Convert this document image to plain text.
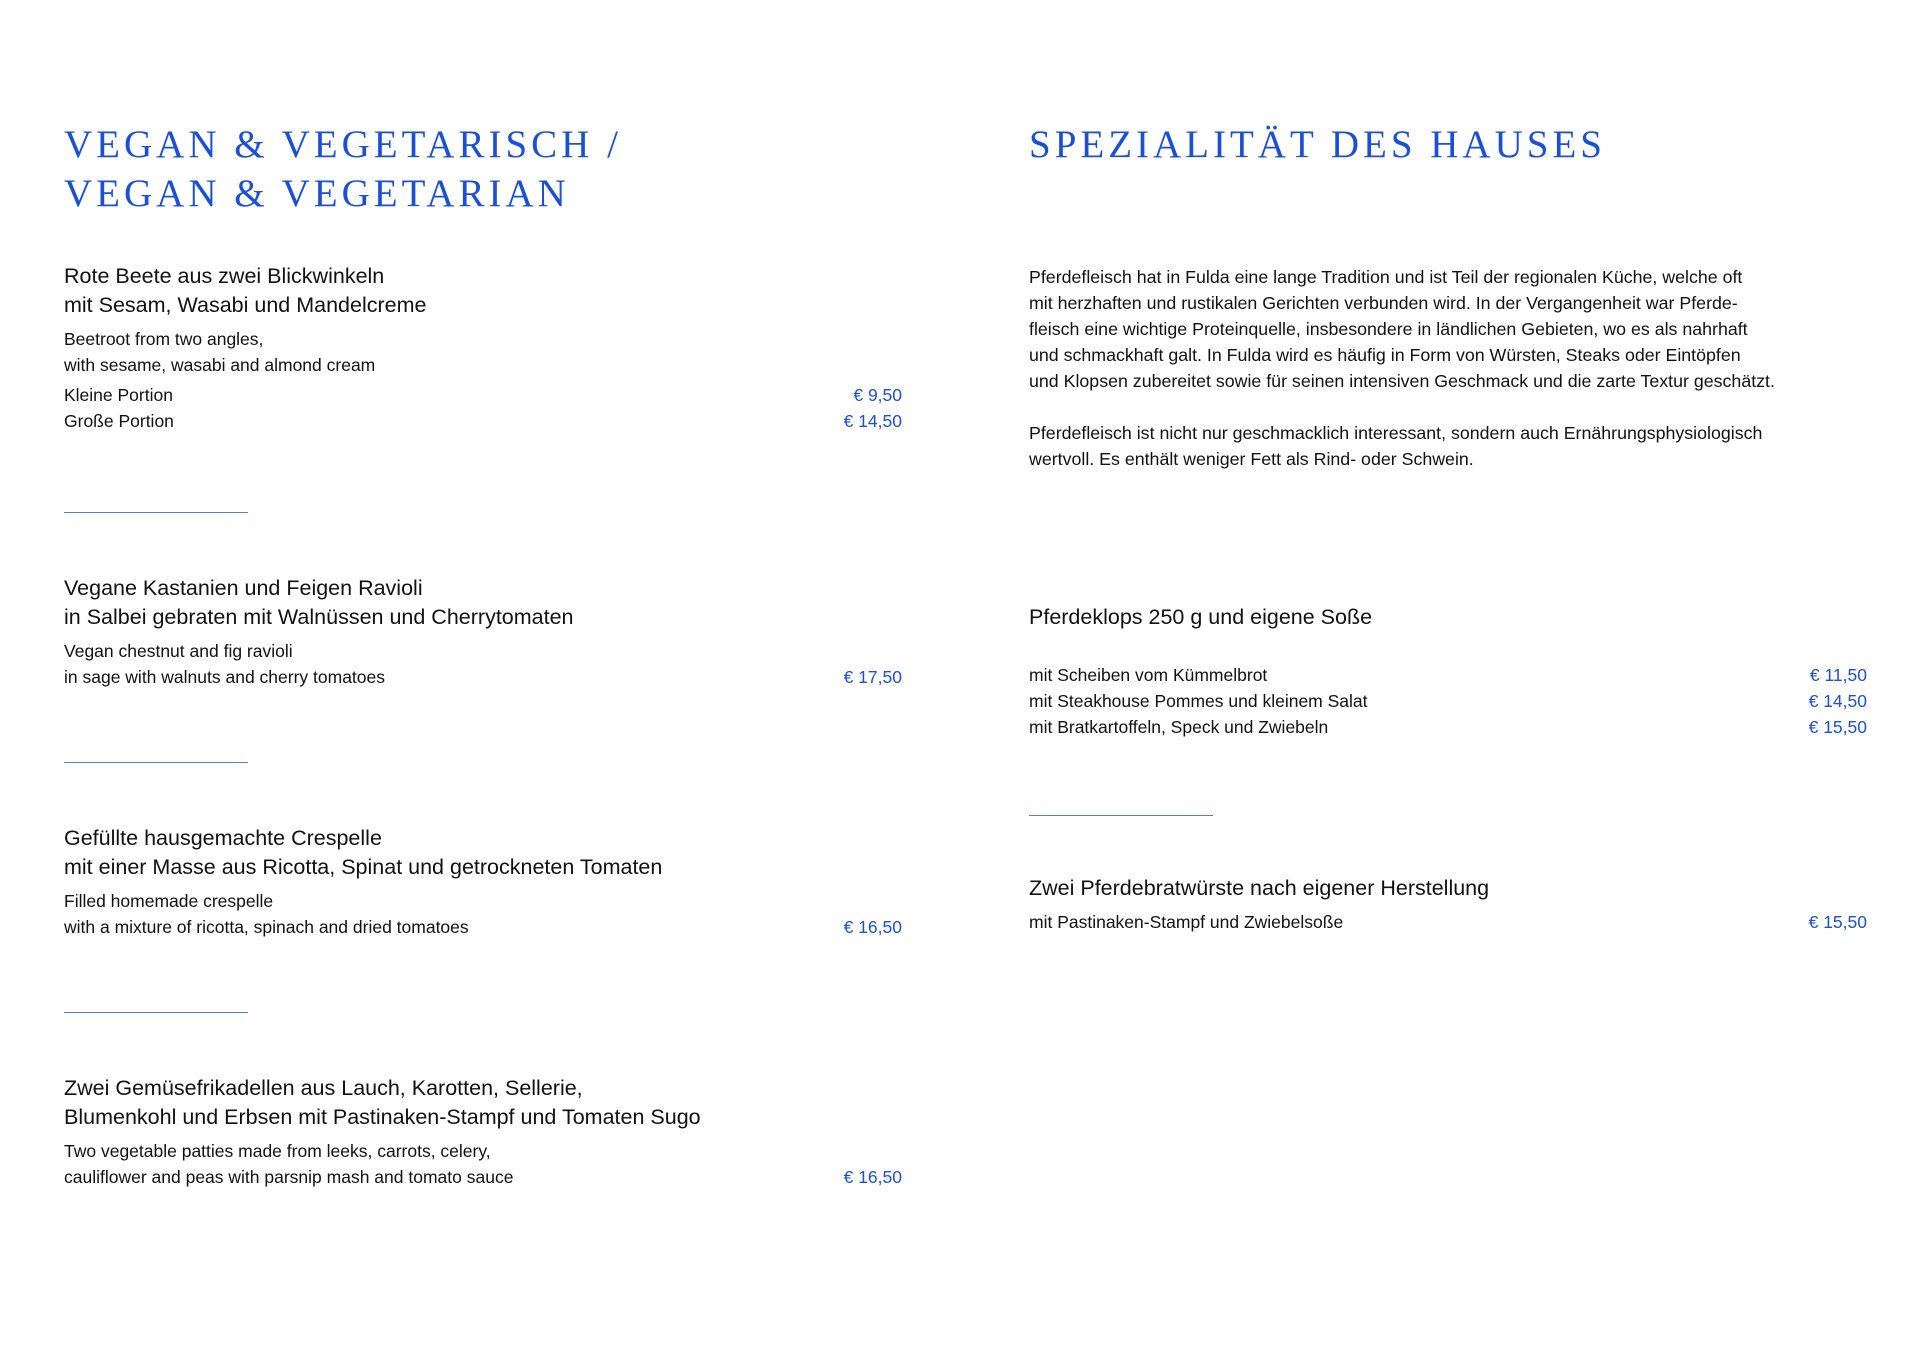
VEGAN & VEGETARISCH /
VEGAN & VEGETARIAN
Rote Beete aus zwei Blickwinkeln
mit Sesam, Wasabi und Mandelcreme
Beetroot from two angles,
with sesame, wasabi and almond cream
Kleine Portion	€ 9,50
Große Portion	€ 14,50
Vegane Kastanien und Feigen Ravioli
in Salbei gebraten mit Walnüssen und Cherrytomaten
Vegan chestnut and fig ravioli
in sage with walnuts and cherry tomatoes	€ 17,50
Gefüllte hausgemachte Crespelle
mit einer Masse aus Ricotta, Spinat und getrockneten Tomaten
Filled homemade crespelle
with a mixture of ricotta, spinach and dried tomatoes	€ 16,50
Zwei Gemüsefrikadellen aus Lauch, Karotten, Sellerie,
Blumenkohl und Erbsen mit Pastinaken-Stampf und Tomaten Sugo
Two vegetable patties made from leeks, carrots, celery,
cauliflower and peas with parsnip mash and tomato sauce	€ 16,50
SPEZIALITÄT DES HAUSES

Pferdefleisch hat in Fulda eine lange Tradition und ist Teil der regionalen Küche, welche oft
mit herzhaften und rustikalen Gerichten verbunden wird. In der Vergangenheit war Pferde-
fleisch eine wichtige Proteinquelle, insbesondere in ländlichen Gebieten, wo es als nahrhaft
und schmackhaft galt. In Fulda wird es häufig in Form von Würsten, Steaks oder Eintöpfen
und Klopsen zubereitet sowie für seinen intensiven Geschmack und die zarte Textur geschätzt.

Pferdefleisch ist nicht nur geschmacklich interessant, sondern auch Ernährungsphysiologisch
wertvoll. Es enthält weniger Fett als Rind- oder Schwein.

Pferdeklops 250 g und eigene Soße
mit Scheiben vom Kümmelbrot	€ 11,50
mit Steakhouse Pommes und kleinem Salat	€ 14,50
mit Bratkartoffeln, Speck und Zwiebeln	€ 15,50
Zwei Pferdebratwürste nach eigener Herstellung
mit Pastinaken-Stampf und Zwiebelsoße	€ 15,50
